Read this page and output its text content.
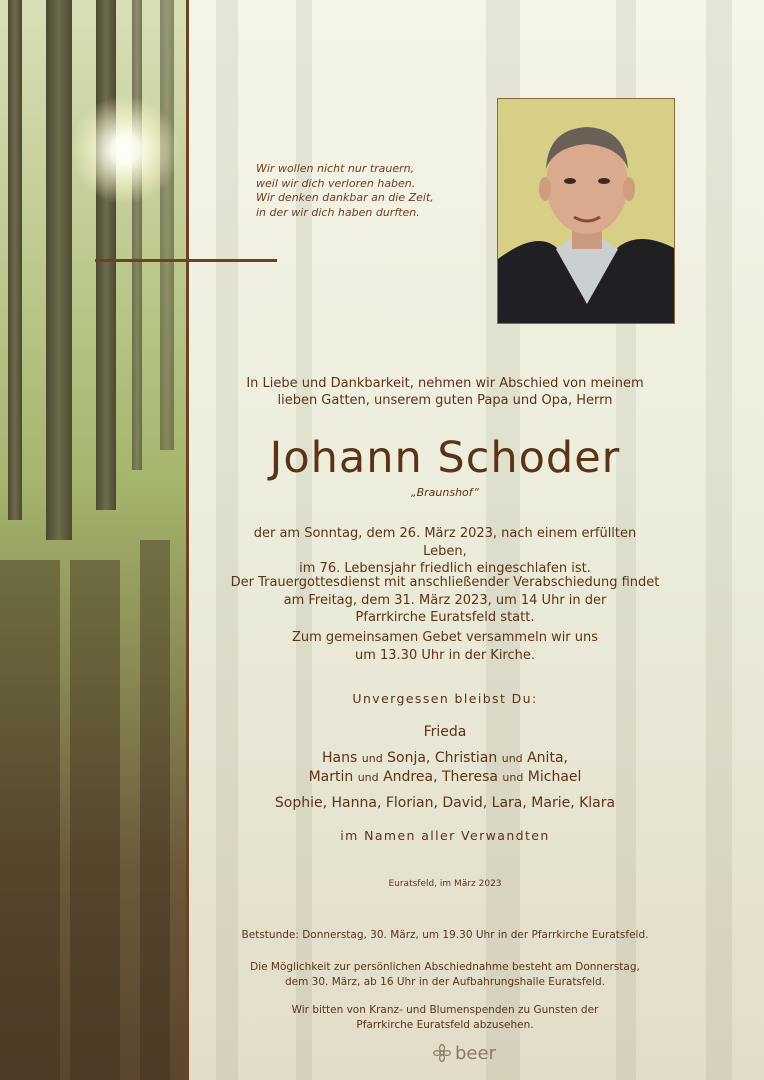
Wir wollen nicht nur trauern,
weil wir dich verloren haben.
Wir denken dankbar an die Zeit,
in der wir dich haben durften.
In Liebe und Dankbarkeit, nehmen wir Abschied von meinem
lieben Gatten, unserem guten Papa und Opa, Herrn
Johann Schoder
„Braunshof“
der am Sonntag, dem 26. März 2023, nach einem erfüllten Leben,
im 76. Lebensjahr friedlich eingeschlafen ist.
Der Trauergottesdienst mit anschließender Verabschiedung findet
am Freitag, dem 31. März 2023, um 14 Uhr in der
Pfarrkirche Euratsfeld statt.
Zum gemeinsamen Gebet versammeln wir uns
um 13.30 Uhr in der Kirche.
Unvergessen bleibst Du:
Frieda
Hans und Sonja, Christian und Anita,
Martin und Andrea, Theresa und Michael
Sophie, Hanna, Florian, David, Lara, Marie, Klara
im Namen aller Verwandten
Euratsfeld, im März 2023
Betstunde: Donnerstag, 30. März, um 19.30 Uhr in der Pfarrkirche Euratsfeld.
Die Möglichkeit zur persönlichen Abschiednahme besteht am Donnerstag,
dem 30. März, ab 16 Uhr in der Aufbahrungshalle Euratsfeld.
Wir bitten von Kranz- und Blumenspenden zu Gunsten der
Pfarrkirche Euratsfeld abzusehen.
beer
